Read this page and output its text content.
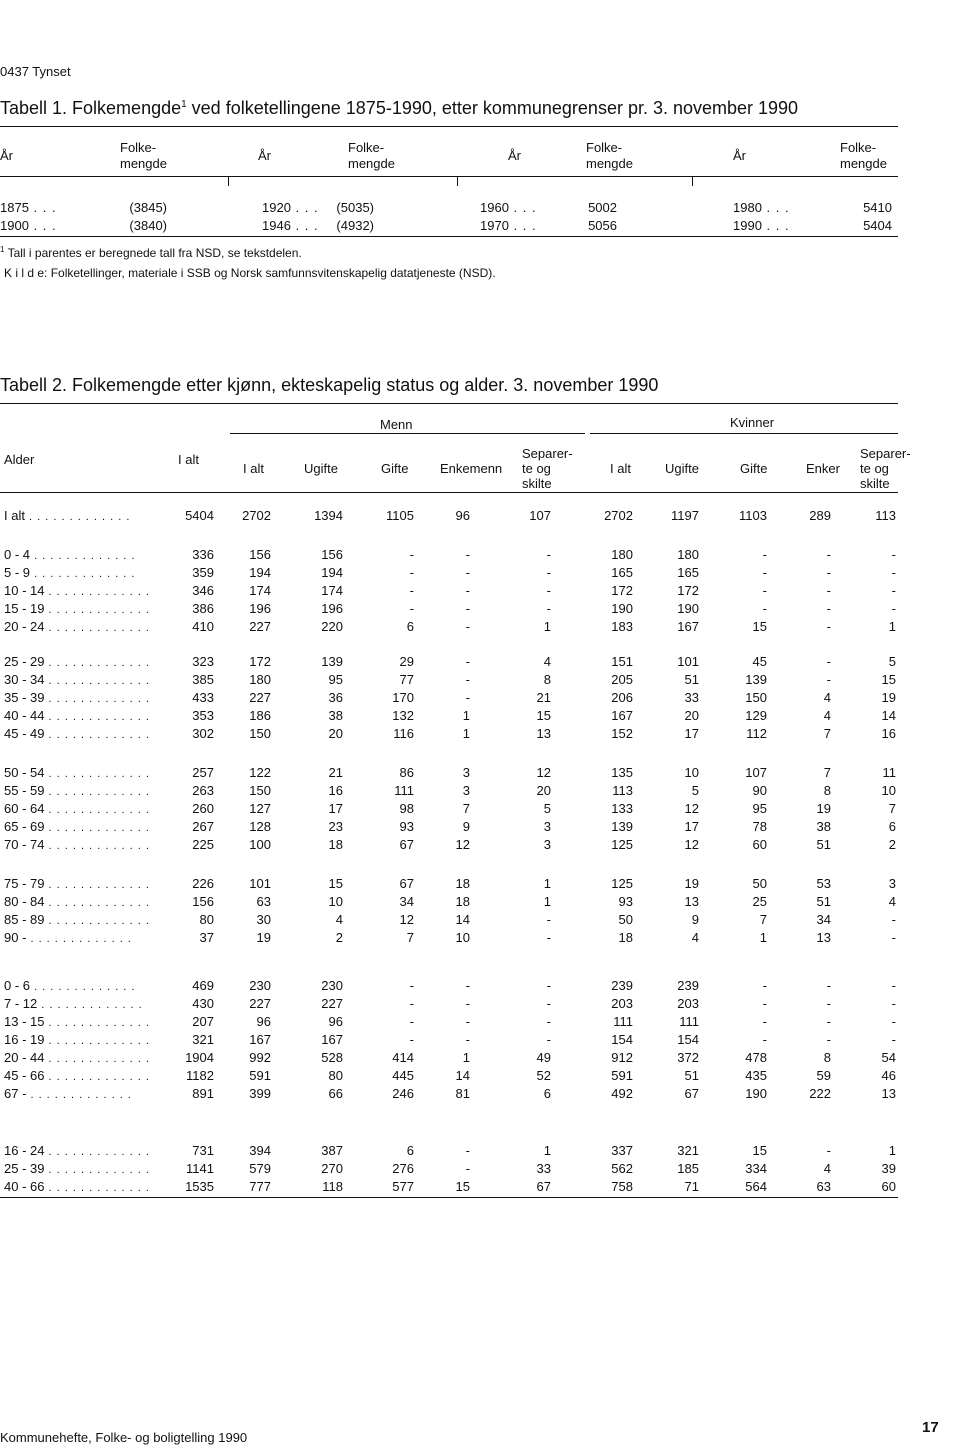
0437 Tynset
Tabell 1. Folkemengde$^1$ ved folketellingene 1875-1990, etter kommunegrenser pr. 3. november 1990
År	År	År	År
Folke-
mengde
Folke-
mengde
Folke-
mengde
Folke-
mengde
1875 . . .	(3845)	1920 . . .	(5035)	1960 . . .	5002	1980 . . .	5410
1900 . . .	(3840)	1946 . . .	(4932)	1970 . . .	5056	1990 . . .	5404
$^1$ Tall i parentes er beregnede tall fra NSD, se tekstdelen.
K i l d e: Folketellinger, materiale i SSB og Norsk samfunnsvitenskapelig datatjeneste (NSD).
Tabell 2. Folkemengde etter kjønn, ekteskapelig status og alder. 3. november 1990
Menn	Kvinner
Alder	I alt
I alt	Ugifte	Gifte Enkemenn
Separer-
te og
skilte
I alt	Ugifte	Gifte	Enker
Separer-
te og
skilte
I alt . . . . . . . . . . . . .	5404	2702	1394	1105	96	107	2702	1197	1103	289	113
0 - 4 . . . . . . . . . . . . .	336	156	156	-	-	-	180	180	-	-	-
5 - 9 . . . . . . . . . . . . .	359	194	194	-	-	-	165	165	-	-	-
10 - 14 . . . . . . . . . . . . .	346	174	174	-	-	-	172	172	-	-	-
15 - 19 . . . . . . . . . . . . .	386	196	196	-	-	-	190	190	-	-	-
20 - 24 . . . . . . . . . . . . .	410	227	220	6	-	1	183	167	15	-	1
25 - 29 . . . . . . . . . . . . .	323	172	139	29	-	4	151	101	45	-	5
30 - 34 . . . . . . . . . . . . .	385	180	95	77	-	8	205	51	139	-	15
35 - 39 . . . . . . . . . . . . .	433	227	36	170	-	21	206	33	150	4	19
40 - 44 . . . . . . . . . . . . .	353	186	38	132	1	15	167	20	129	4	14
45 - 49 . . . . . . . . . . . . .	302	150	20	116	1	13	152	17	112	7	16
50 - 54 . . . . . . . . . . . . .	257	122	21	86	3	12	135	10	107	7	11
55 - 59 . . . . . . . . . . . . .	263	150	16	111	3	20	113	5	90	8	10
60 - 64 . . . . . . . . . . . . .	260	127	17	98	7	5	133	12	95	19	7
65 - 69 . . . . . . . . . . . . .	267	128	23	93	9	3	139	17	78	38	6
70 - 74 . . . . . . . . . . . . .	225	100	18	67	12	3	125	12	60	51	2
75 - 79 . . . . . . . . . . . . .	226	101	15	67	18	1	125	19	50	53	3
80 - 84 . . . . . . . . . . . . .	156	63	10	34	18	1	93	13	25	51	4
85 - 89 . . . . . . . . . . . . .	80	30	4	12	14	-	50	9	7	34	-
90 - . . . . . . . . . . . . .	37	19	2	7	10	-	18	4	1	13	-
0 - 6 . . . . . . . . . . . . .	469	230	230	-	-	-	239	239	-	-	-
7 - 12 . . . . . . . . . . . . .	430	227	227	-	-	-	203	203	-	-	-
13 - 15 . . . . . . . . . . . . .	207	96	96	-	-	-	111	111	-	-	-
16 - 19 . . . . . . . . . . . . .	321	167	167	-	-	-	154	154	-	-	-
20 - 44 . . . . . . . . . . . . .	1904	992	528	414	1	49	912	372	478	8	54
45 - 66 . . . . . . . . . . . . .	1182	591	80	445	14	52	591	51	435	59	46
67 - . . . . . . . . . . . . .	891	399	66	246	81	6	492	67	190	222	13
16 - 24 . . . . . . . . . . . . .	731	394	387	6	-	1	337	321	15	-	1
25 - 39 . . . . . . . . . . . . .	1141	579	270	276	-	33	562	185	334	4	39
40 - 66 . . . . . . . . . . . . .	1535	777	118	577	15	67	758	71	564	63	60
Kommunehefte, Folke- og boligtelling 1990
17
